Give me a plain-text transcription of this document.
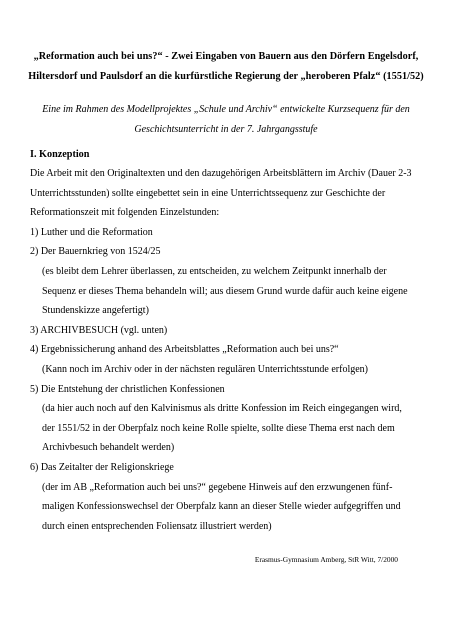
„Reformation auch bei uns?“ - Zwei Eingaben von Bauern aus den Dörfern Engelsdorf,
Hiltersdorf und Paulsdorf an die kurfürstliche Regierung der „heroberen Pfalz“ (1551/52)
Eine im Rahmen des Modellprojektes „Schule und Archiv“ entwickelte Kurzsequenz für den
Geschichtsunterricht in der 7. Jahrgangsstufe
I. Konzeption
Die Arbeit mit den Originaltexten und den dazugehörigen Arbeitsblättern im Archiv (Dauer 2-3
Unterrichtsstunden) sollte eingebettet sein in eine Unterrichtssequenz zur Geschichte der
Reformationszeit mit folgenden Einzelstunden:
1) Luther und die Reformation
2) Der Bauernkrieg von 1524/25
(es bleibt dem Lehrer überlassen, zu entscheiden, zu welchem Zeitpunkt innerhalb der
Sequenz er dieses Thema behandeln will; aus diesem Grund wurde dafür auch keine eigene
Stundenskizze angefertigt)
3) ARCHIVBESUCH (vgl. unten)
4) Ergebnissicherung anhand des Arbeitsblattes „Reformation auch bei uns?“
(Kann noch im Archiv oder in der nächsten regulären Unterrichtsstunde erfolgen)
5) Die Entstehung der christlichen Konfessionen
(da hier auch noch auf den Kalvinismus als dritte Konfession im Reich eingegangen wird,
der 1551/52 in der Oberpfalz noch keine Rolle spielte, sollte diese Thema erst nach dem
Archivbesuch behandelt werden)
6) Das Zeitalter der Religionskriege
(der im AB „Reformation auch bei uns?“ gegebene Hinweis auf den erzwungenen fünf-
maligen Konfessionswechsel der Oberpfalz kann an dieser Stelle wieder aufgegriffen und
durch einen entsprechenden Foliensatz illustriert werden)
Erasmus-Gymnasium Amberg, StR Witt, 7/2000
